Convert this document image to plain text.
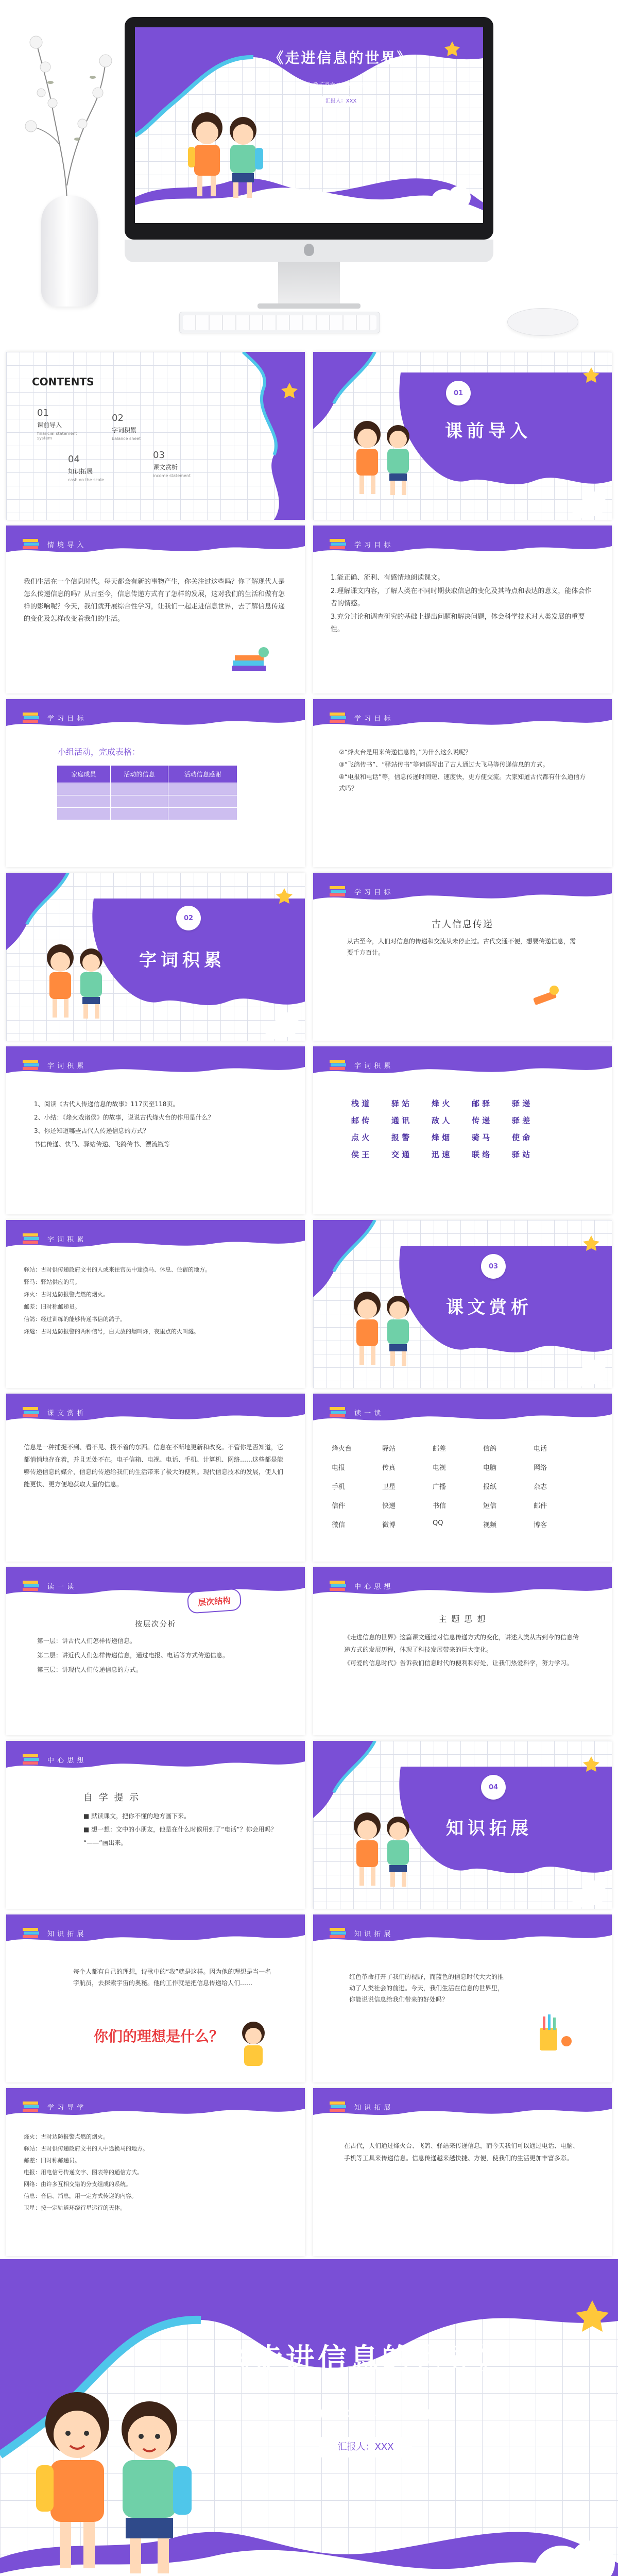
《走进信息的世界》
人教版语文五年级下册课件
汇报人：XXX
CONTENTS
01
课前导入
financial statement system
02
字词积累
balance sheet
04
知识拓展
cash on the scale
03
课文赏析
income statement
01
课前导入
情 境 导 入
我们生活在一个信息时代。每天都会有新的事物产生，你关注过这些吗？你了解现代人是怎么传递信息的吗？从古至今，信息传递方式有了怎样的发展，这对我们的生活和做有怎样的影响呢？今天，我们就开展综合性学习，让我们一起走进信息世界，去了解信息传递的变化及怎样改变着我们的生活。
学 习 目 标

1.能正确、流利、有感情地朗读课文。

2.理解课文内容，了解人类在不同时期获取信息的变化及其特点和表达的意义，能体会作者的情感。

3.充分讨论和调查研究的基础上提出问题和解决问题，体会科学技术对人类发展的重要性。

学 习 目 标
小组活动，完成表格：
家庭成员	活动的信息	活动信息感谢

学 习 目 标

②“烽火台是用来传递信息的，”为什么这么说呢？

③“飞鸽传书”、“驿站传书”等词语写出了古人通过大飞马等传递信息的方式。

④“电报和电话”等，信息传递时间短、速度快，更方便交流。大家知道古代都有什么通信方式吗？

02
字词积累
学 习 目 标
古人信息传递
从古至今，人们对信息的传递和交流从未停止过。古代交通不便，想要传递信息，需要千方百计。
字 词 积 累

1、阅读《古代人传递信息的故事》117页至118页。

2、小结：《烽火戏诸侯》的故事，说说古代烽火台的作用是什么？

3、你还知道哪些古代人传递信息的方式？

书信传递、快马、驿站传递、飞鸽传书、漂流瓶等

字 词 积 累
栈 道	驿 站	烽 火	邮 驿	驿 递
邮 传	通 讯	敌 人	传 递	驿 差
点 火	报 警	烽 烟	骑 马	使 命
侯 王	交 通	迅 速	联 络	驿 站
字 词 积 累

驿站：古时供传递政府文书的人或来往官员中途换马、休息、住宿的地方。

驿马：驿站供应的马。

烽火：古时边防报警点燃的烟火。

邮差：旧时称邮递员。

信鸽：经过训练的能够传递书信的鸽子。

烽燧：古时边防报警的两种信号，白天放的烟叫烽，夜里点的火叫燧。

03
课文赏析
课 文 赏 析
信息是一种捕捉不到、看不见、摸不着的东西。信息在不断地更新和改变。不管你是否知道，它都悄悄地存在着，并且无处不在。电子信箱、电视、电话、手机、计算机、网络……这些都是能够传递信息的媒介，信息的传递给我们的生活带来了极大的便利。现代信息技术的发展，使人们能更快、更方便地获取大量的信息。
读 一 读
烽火台	驿站	邮差	信鸽	电话
电报	传真	电视	电脑	网络
手机	卫星	广播	报纸	杂志
信件	快递	书信	短信	邮件
微信	微博	QQ	视频	博客
读 一 读
层次结构
按层次分析

第一层：讲古代人们怎样传递信息。

第二层：讲近代人们怎样传递信息，通过电报、电话等方式传递信息。

第三层：讲现代人们传递信息的方式。

中 心 思 想
主 题 思 想

《走进信息的世界》这篇课文通过对信息传递方式的变化，讲述人类从古到今的信息传递方式的发展历程，体现了科技发展带来的巨大变化。

《可爱的信息时代》告诉我们信息时代的便利和好处，让我们热爱科学，努力学习。

中 心 思 想
自 学 提 示

■ 默读课文，把你不懂的地方画下来。

■ 想一想：文中的小朋友，他是在什么时候用到了“电话”？你会用吗？

“——”画出来。

04
知识拓展
知 识 拓 展
每个人都有自己的理想，诗歌中的“我”就是这样。因为他的理想是当一名宇航员，去探索宇宙的奥秘。他的工作就是把信息传递给人们……
你们的理想是什么？
知 识 拓 展
红色革命打开了我们的视野，而蓝色的信息时代大大的推动了人类社会的前进。今天，我们生活在信息的世界里，你能说说信息给我们带来的好处吗？
学 习 导 学

烽火：古时边防报警点燃的烟火。

驿站：古时供传递政府文书的人中途换马的地方。

邮差：旧时称邮递员。

电报：用电信号传递文字、图表等的通信方式。

网络：由许多互相交错的分支组成的系统。

信息：音信、消息，用一定方式传递的内容。

卫星：按一定轨道环绕行星运行的天体。

知 识 拓 展
在古代，人们通过烽火台、飞鸽、驿站来传递信息，而今天我们可以通过电话、电脑、手机等工具来传递信息。信息传递越来越快捷、方便，使我们的生活更加丰富多彩。
《走进信息的世界》
人教版语文五年级下册课件
汇报人：XXX
